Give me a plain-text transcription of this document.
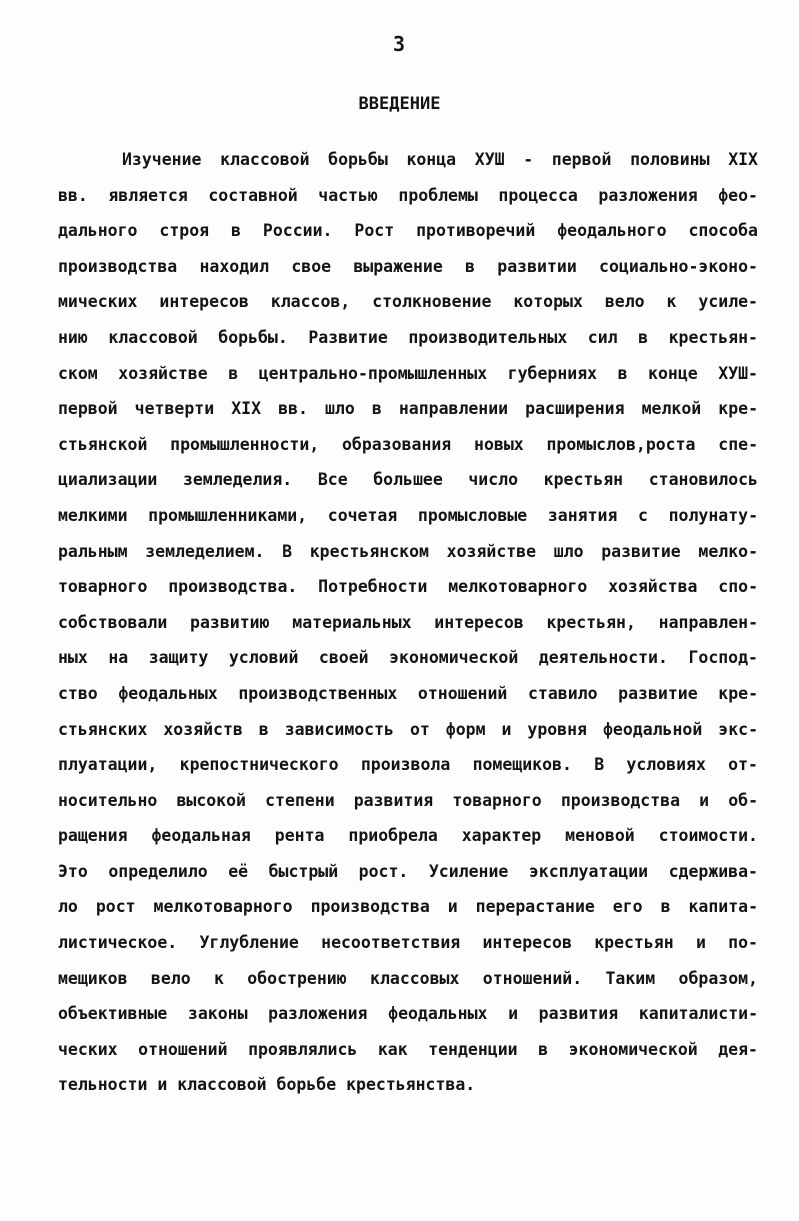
3
ВВЕДЕНИЕ
Изучение классовой борьбы конца ХУШ - первой половины XIX
вв. является составной частью проблемы процесса разложения фео-
дального строя в России. Рост противоречий феодального способа
производства находил свое выражение в развитии социально-эконо-
мических интересов классов, столкновение которых вело к усиле-
нию классовой борьбы. Развитие производительных сил в крестьян-
ском хозяйстве в центрально-промышленных губерниях в конце ХУШ-
первой четверти XIX вв. шло в направлении расширения мелкой кре-
стьянской промышленности, образования новых промыслов,роста спе-
циализации земледелия. Все большее число крестьян становилось
мелкими промышленниками, сочетая промысловые занятия с полунату-
ральным земледелием. В крестьянском хозяйстве шло развитие мелко-
товарного производства. Потребности мелкотоварного хозяйства спо-
собствовали развитию материальных интересов крестьян, направлен-
ных на защиту условий своей экономической деятельности. Господ-
ство феодальных производственных отношений ставило развитие кре-
стьянских хозяйств в зависимость от форм и уровня феодальной экс-
плуатации, крепостнического произвола помещиков. В условиях от-
носительно высокой степени развития товарного производства и об-
ращения феодальная рента приобрела характер меновой стоимости.
Это определило её быстрый рост. Усиление эксплуатации сдержива-
ло рост мелкотоварного производства и перерастание его в капита-
листическое. Углубление несоответствия интересов крестьян и по-
мещиков вело к обострению классовых отношений. Таким образом,
объективные законы разложения феодальных и развития капиталисти-
ческих отношений проявлялись как тенденции в экономической дея-
тельности и классовой борьбе крестьянства.
